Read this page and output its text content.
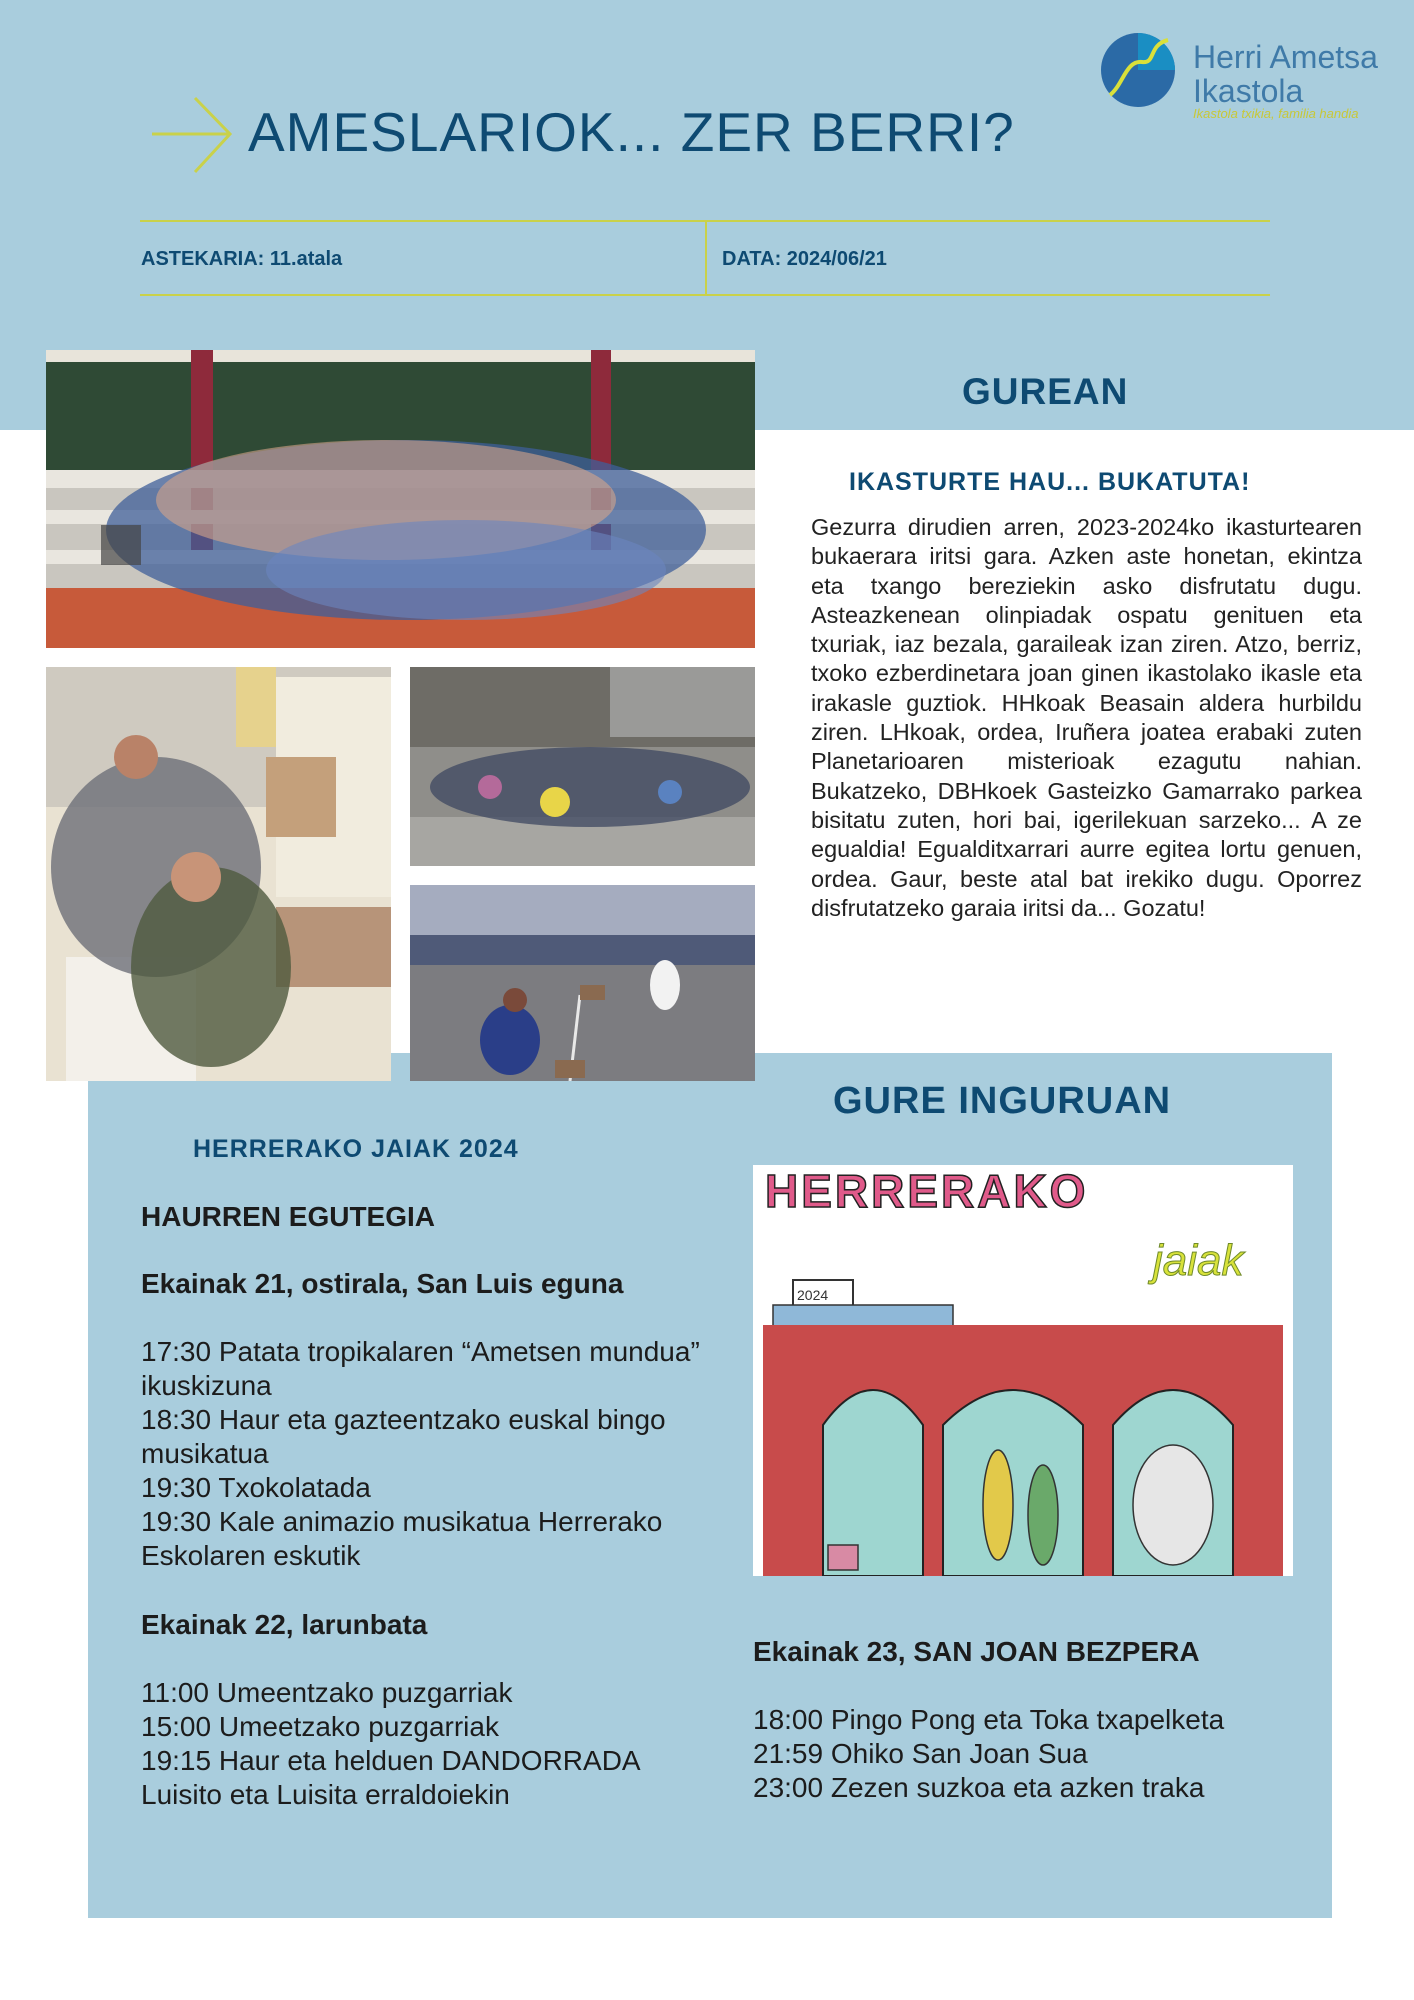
AMESLARIOK... ZER BERRI?
Herri Ametsa
Ikastola
Ikastola txikia, familia handia
ASTEKARIA: 11.atala	DATA: 2024/06/21
GUREAN
IKASTURTE HAU... BUKATUTA!
Gezurra dirudien arren, 2023-2024ko ikasturtearen bukaerara iritsi gara. Azken aste honetan, ekintza eta txango bereziekin asko disfrutatu dugu. Asteazkenean olinpiadak ospatu genituen eta txuriak, iaz bezala, garaileak izan ziren. Atzo, berriz, txoko ezberdinetara joan ginen ikastolako ikasle eta irakasle guztiok. HHkoak Beasain aldera hurbildu ziren. LHkoak, ordea, Iruñera joatea erabaki zuten Planetarioaren misterioak ezagutu nahian. Bukatzeko, DBHkoek Gasteizko Gamarrako parkea bisitatu zuten, hori bai, igerilekuan sarzeko... A ze egualdia! Egualditxarrari aurre egitea lortu genuen, ordea. Gaur, beste atal bat irekiko dugu. Oporrez disfrutatzeko garaia iritsi da... Gozatu!
GURE INGURUAN
HERRERAKO JAIAK 2024
HAURREN EGUTEGIA
Ekainak 21, ostirala, San Luis eguna

17:30 Patata tropikalaren “Ametsen mundua” ikuskizuna

18:30 Haur eta gazteentzako euskal bingo musikatua

19:30 Txokolatada

19:30 Kale animazio musikatua Herrerako Eskolaren eskutik

Ekainak 22, larunbata

11:00 Umeentzako puzgarriak

15:00 Umeetzako puzgarriak

19:15 Haur eta helduen DANDORRADA Luisito eta Luisita erraldoiekin

HERRERAKO
jaiak
2024
Ekainak 23, SAN JOAN BEZPERA

18:00 Pingo Pong eta Toka txapelketa

21:59 Ohiko San Joan Sua

23:00 Zezen suzkoa eta azken traka
